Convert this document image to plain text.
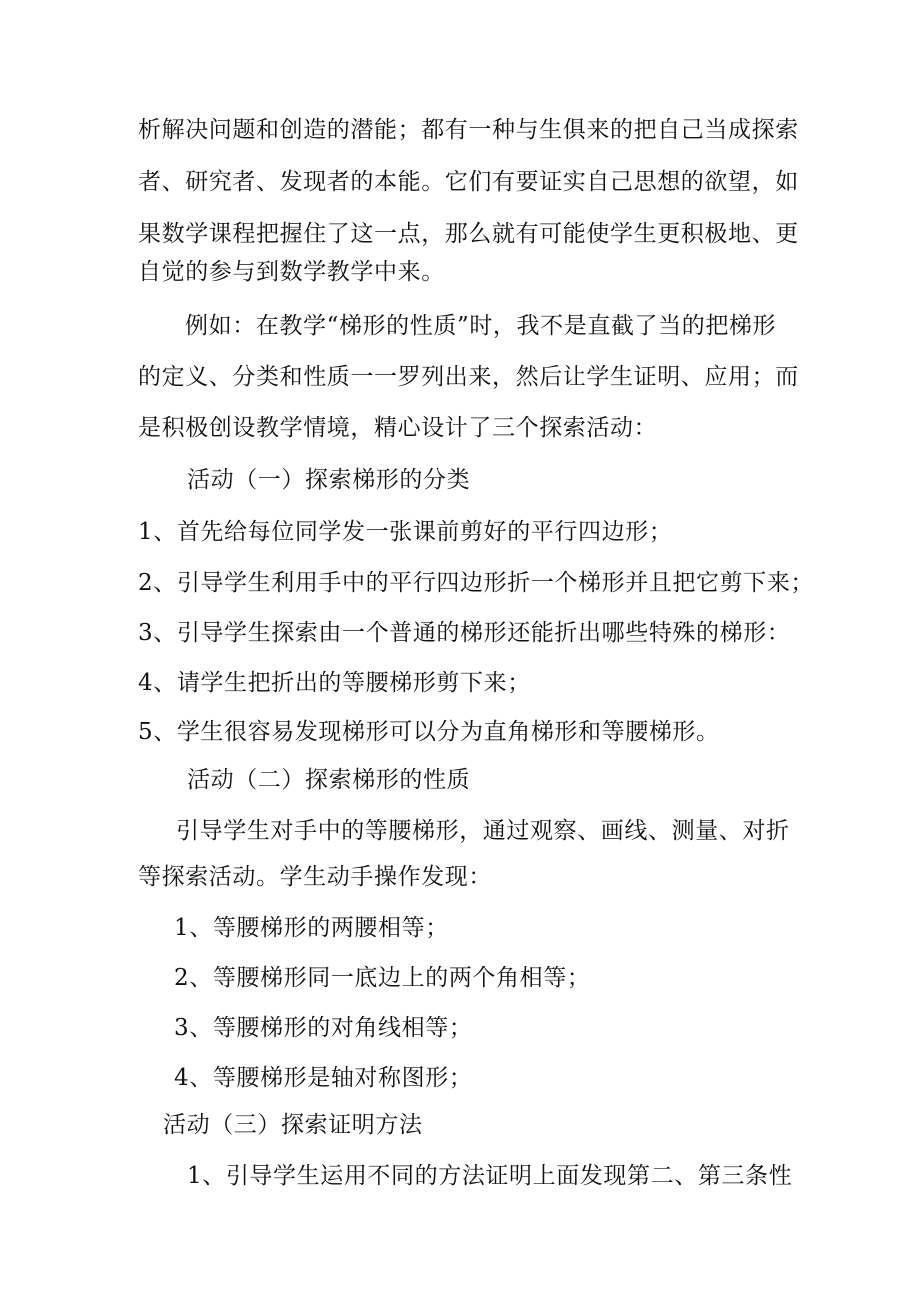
析解决问题和创造的潜能；都有一种与生俱来的把自己当成探索
者、研究者、发现者的本能。它们有要证实自己思想的欲望，如
果数学课程把握住了这一点，那么就有可能使学生更积极地、更
自觉的参与到数学教学中来。
例如：在教学“梯形的性质”时，我不是直截了当的把梯形
的定义、分类和性质一一罗列出来，然后让学生证明、应用；而
是积极创设教学情境，精心设计了三个探索活动：
活动（一）探索梯形的分类
1、首先给每位同学发一张课前剪好的平行四边形；
2、引导学生利用手中的平行四边形折一个梯形并且把它剪下来；
3、引导学生探索由一个普通的梯形还能折出哪些特殊的梯形：
4、请学生把折出的等腰梯形剪下来；
5、学生很容易发现梯形可以分为直角梯形和等腰梯形。
活动（二）探索梯形的性质
引导学生对手中的等腰梯形，通过观察、画线、测量、对折
等探索活动。学生动手操作发现：
1、等腰梯形的两腰相等；
2、等腰梯形同一底边上的两个角相等；
3、等腰梯形的对角线相等；
4、等腰梯形是轴对称图形；
活动（三）探索证明方法
1、引导学生运用不同的方法证明上面发现第二、第三条性
